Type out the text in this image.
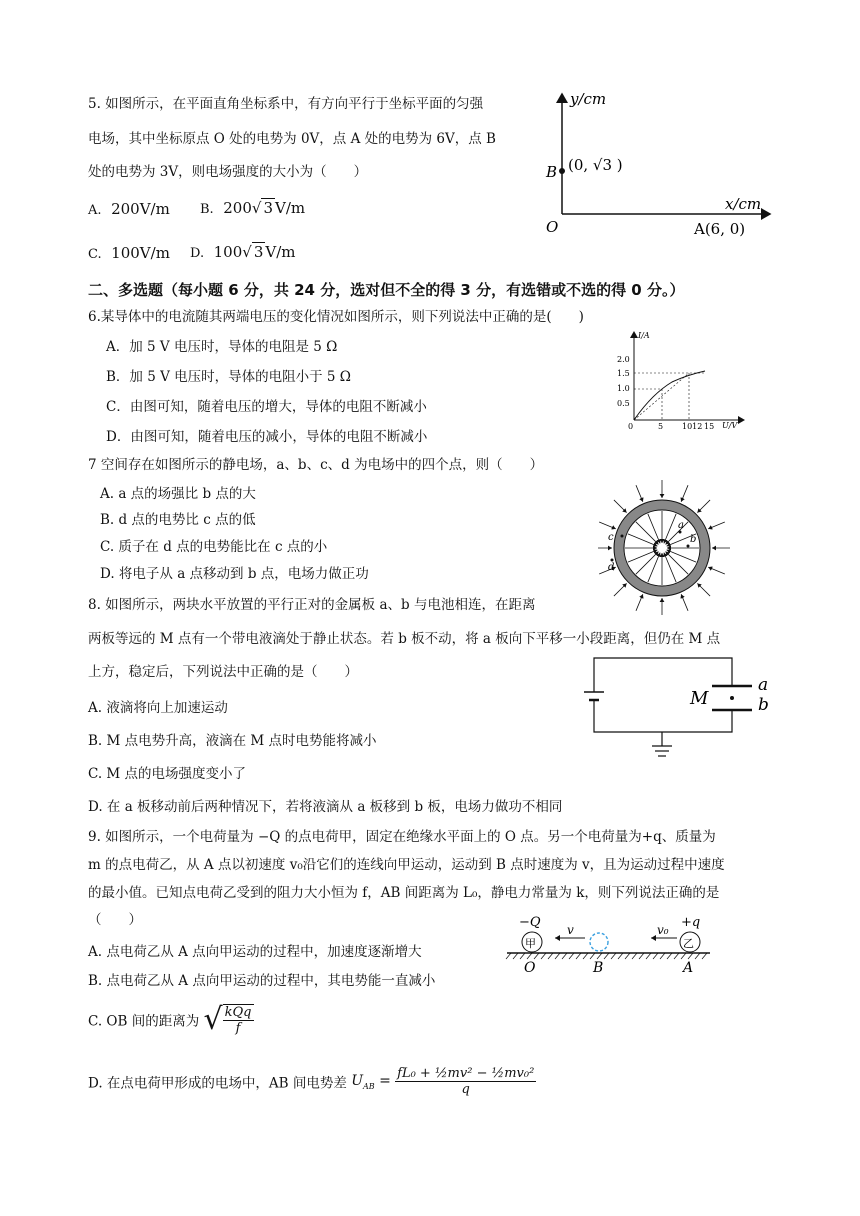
5. 如图所示，在平面直角坐标系中，有方向平行于坐标平面的匀强
电场，其中坐标原点 O 处的电势为 0V，点 A 处的电势为 6V，点 B
处的电势为 3V，则电场强度的大小为（　　）
A. 200V/m B. 200√ 3 V/m
C. 100V/m D. 100√ 3 V/m
y/cm
x/cm
O
B (0, √3 )
A(6, 0)
二、多选题（每小题 6 分，共 24 分，选对但不全的得 3 分，有选错或不选的得 0 分。）
6.某导体中的电流随其两端电压的变化情况如图所示，则下列说法中正确的是(　　)
A．加 5 V 电压时，导体的电阻是 5 Ω
B．加 5 V 电压时，导体的电阻小于 5 Ω
C．由图可知，随着电压的增大，导体的电阻不断减小
D．由图可知，随着电压的减小，导体的电阻不断减小
I/A
U/V
2.0
1.5
1.0
0.5
0	5 1012 15
7 空间存在如图所示的静电场，a、b、c、d 为电场中的四个点，则（　　）
A. a 点的场强比 b 点的大
B. d 点的电势比 c 点的低
C. 质子在 d 点的电势能比在 c 点的小
D. 将电子从 a 点移动到 b 点，电场力做正功
a
b
c
d
8. 如图所示，两块水平放置的平行正对的金属板 a、b 与电池相连，在距离
两板等远的 M 点有一个带电液滴处于静止状态。若 b 板不动，将 a 板向下平移一小段距离，但仍在 M 点
上方，稳定后，下列说法中正确的是（　　）
A. 液滴将向上加速运动
B. M 点电势升高，液滴在 M 点时电势能将减小
C. M 点的电场强度变小了
D. 在 a 板移动前后两种情况下，若将液滴从 a 板移到 b 板，电场力做功不相同
M
a
b
9. 如图所示，一个电荷量为 −Q 的点电荷甲，固定在绝缘水平面上的 O 点。另一个电荷量为+q、质量为
m 的点电荷乙，从 A 点以初速度 v₀沿它们的连线向甲运动，运动到 B 点时速度为 v，且为运动过程中速度
的最小值。已知点电荷乙受到的阻力大小恒为 f，AB 间距离为 L₀，静电力常量为 k，则下列说法正确的是
（　　）
A. 点电荷乙从 A 点向甲运动的过程中，加速度逐渐增大
B. 点电荷乙从 A 点向甲运动的过程中，其电势能一直减小
C. OB 间的距离为 √ $\frac{\text{kQq}}{f}$
D. 在点电荷甲形成的电场中，AB 间电势差 $U_{AB} = \frac{\text{fL₀ + ½mv² − ½mv₀²}}{q}$
甲	乙
v	v₀
−Q	+q
O	B	A
